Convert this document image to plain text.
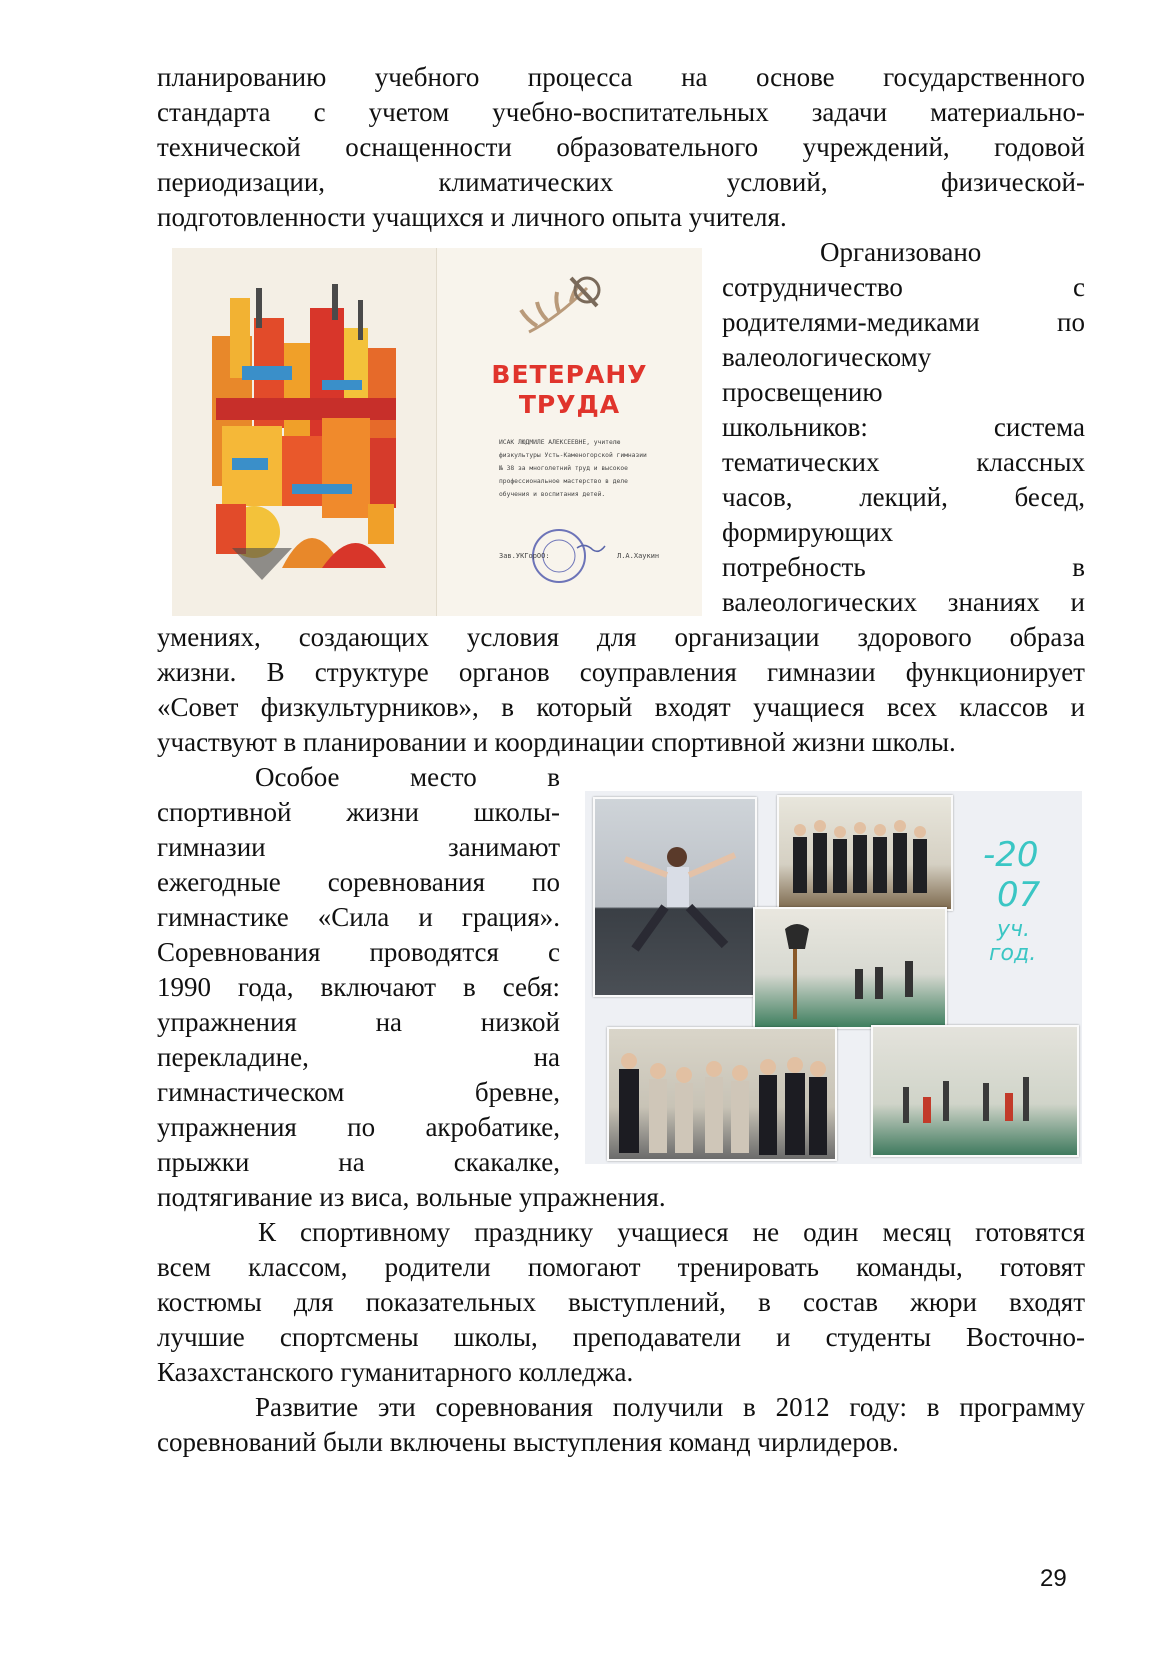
планированию учебного процесса на основе государственного
стандарта с учетом учебно-воспитательных задачи материально-
технической оснащенности образовательного учреждений, годовой
периодизации, климатических условий, физической-
подготовленности учащихся и личного опыта учителя.
ВЕТЕРАНУ
ТРУДА
ИСАК ЛЮДМИЛЕ АЛЕКСЕЕВНЕ, учителю физкультуры Усть-Каменогорской гимназии № 38 за многолетний труд и высокое профессиональное мастерство в деле обучения и воспитания детей.
Зав.УКГорОО:	Л.А.Хаукин
Организовано
сотрудничество с
родителями-медиками по
валеологическому
просвещению
школьников: система
тематических классных
часов, лекций, бесед,
формирующих
потребность в
валеологических знаниях и
умениях, создающих условия для организации здорового образа
жизни. В структуре органов соуправления гимназии функционирует
«Совет физкультурников», в который входят учащиеся всех классов и
участвуют в планировании и координации спортивной жизни школы.
Особое место в
спортивной жизни школы-
гимназии занимают
ежегодные соревнования по
гимнастике «Сила и грация».
Соревнования проводятся с
1990 года, включают в себя:
упражнения на низкой
перекладине, на
гимнастическом бревне,
упражнения по акробатике,
прыжки на скакалке,
подтягивание из виса, вольные упражнения.
-20
07
уч.
год.
К спортивному празднику учащиеся не один месяц готовятся
всем классом, родители помогают тренировать команды, готовят
костюмы для показательных выступлений, в состав жюри входят
лучшие спортсмены школы, преподаватели и студенты Восточно-
Казахстанского гуманитарного колледжа.
Развитие эти соревнования получили в 2012 году: в программу
соревнований были включены выступления команд чирлидеров.
29
